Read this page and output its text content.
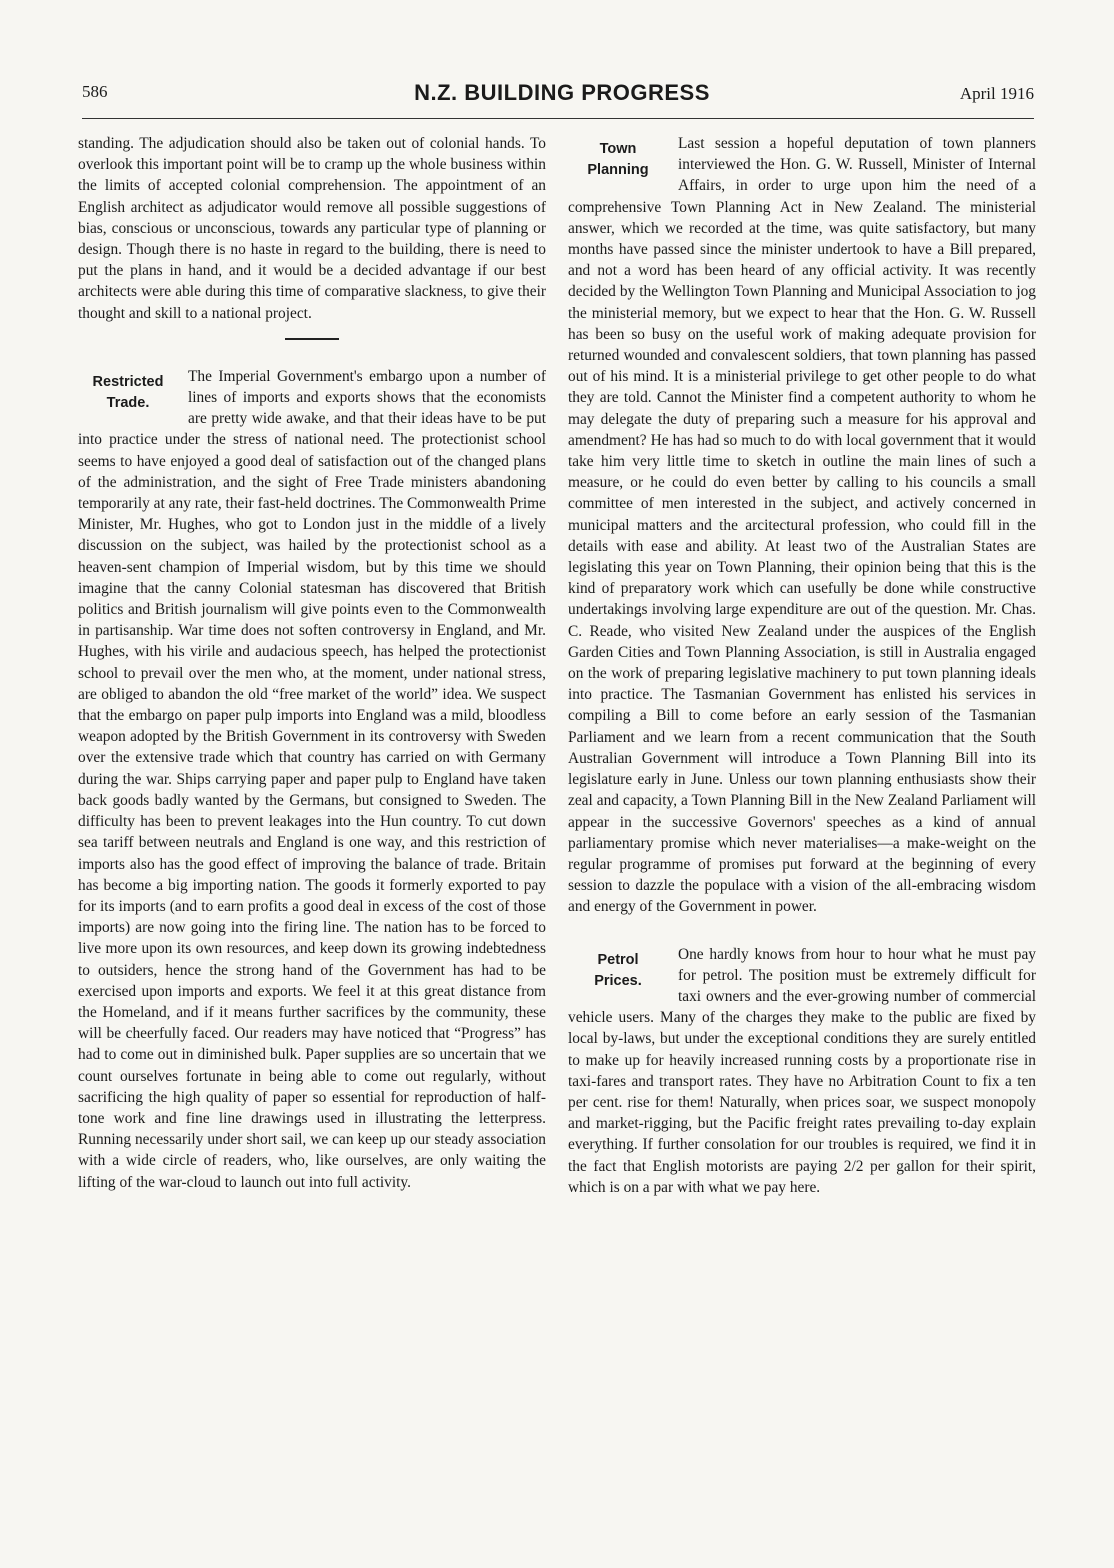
586	N.Z. BUILDING PROGRESS	April 1916

standing. The adjudication should also be taken out of colonial hands. To overlook this important point will be to cramp up the whole business within the limits of accepted colonial comprehension. The appointment of an English architect as adjudicator would remove all possible suggestions of bias, conscious or unconscious, towards any particular type of planning or design. Though there is no haste in regard to the building, there is need to put the plans in hand, and it would be a decided advantage if our best architects were able during this time of comparative slackness, to give their thought and skill to a national project.

Restricted
Trade.

The Imperial Government's embargo upon a number of lines of imports and exports shows that the economists are pretty wide awake, and that their ideas have to be put into practice under the stress of national need. The protectionist school seems to have enjoyed a good deal of satisfaction out of the changed plans of the administration, and the sight of Free Trade ministers abandoning temporarily at any rate, their fast-held doctrines. The Commonwealth Prime Minister, Mr. Hughes, who got to London just in the middle of a lively discussion on the subject, was hailed by the protectionist school as a heaven-sent champion of Imperial wisdom, but by this time we should imagine that the canny Colonial statesman has discovered that British politics and British journalism will give points even to the Commonwealth in partisanship. War time does not soften controversy in England, and Mr. Hughes, with his virile and audacious speech, has helped the protectionist school to prevail over the men who, at the moment, under national stress, are obliged to abandon the old “free market of the world” idea. We suspect that the embargo on paper pulp imports into England was a mild, bloodless weapon adopted by the British Government in its controversy with Sweden over the extensive trade which that country has carried on with Germany during the war. Ships carrying paper and paper pulp to England have taken back goods badly wanted by the Germans, but consigned to Sweden. The difficulty has been to prevent leakages into the Hun country. To cut down sea tariff between neutrals and England is one way, and this restriction of imports also has the good effect of improving the balance of trade. Britain has become a big importing nation. The goods it formerly exported to pay for its imports (and to earn profits a good deal in excess of the cost of those imports) are now going into the firing line. The nation has to be forced to live more upon its own resources, and keep down its growing indebtedness to outsiders, hence the strong hand of the Government has had to be exercised upon imports and exports. We feel it at this great distance from the Homeland, and if it means further sacrifices by the community, these will be cheerfully faced. Our readers may have noticed that “Progress” has had to come out in diminished bulk. Paper supplies are so uncertain that we count ourselves fortunate in being able to come out regularly, without sacrificing the high quality of paper so essential for reproduction of half-tone work and fine line drawings used in illustrating the letterpress. Running necessarily under short sail, we can keep up our steady association with a wide circle of readers, who, like ourselves, are only waiting the lifting of the war-cloud to launch out into full activity.

Town
Planning

Last session a hopeful deputation of town planners interviewed the Hon. G. W. Russell, Minister of Internal Affairs, in order to urge upon him the need of a comprehensive Town Planning Act in New Zealand. The ministerial answer, which we recorded at the time, was quite satisfactory, but many months have passed since the minister undertook to have a Bill prepared, and not a word has been heard of any official activity. It was recently decided by the Wellington Town Planning and Municipal Association to jog the ministerial memory, but we expect to hear that the Hon. G. W. Russell has been so busy on the useful work of making adequate provision for returned wounded and convalescent soldiers, that town planning has passed out of his mind. It is a ministerial privilege to get other people to do what they are told. Cannot the Minister find a competent authority to whom he may delegate the duty of preparing such a measure for his approval and amendment? He has had so much to do with local government that it would take him very little time to sketch in outline the main lines of such a measure, or he could do even better by calling to his councils a small committee of men interested in the subject, and actively concerned in municipal matters and the arcitectural profession, who could fill in the details with ease and ability. At least two of the Australian States are legislating this year on Town Planning, their opinion being that this is the kind of preparatory work which can usefully be done while constructive undertakings involving large expenditure are out of the question. Mr. Chas. C. Reade, who visited New Zealand under the auspices of the English Garden Cities and Town Planning Association, is still in Australia engaged on the work of preparing legislative machinery to put town planning ideals into practice. The Tasmanian Government has enlisted his services in compiling a Bill to come before an early session of the Tasmanian Parliament and we learn from a recent communication that the South Australian Government will introduce a Town Planning Bill into its legislature early in June. Unless our town planning enthusiasts show their zeal and capacity, a Town Planning Bill in the New Zealand Parliament will appear in the successive Governors' speeches as a kind of annual parliamentary promise which never materialises—a make-weight on the regular programme of promises put forward at the beginning of every session to dazzle the populace with a vision of the all-embracing wisdom and energy of the Government in power.

Petrol
Prices.

One hardly knows from hour to hour what he must pay for petrol. The position must be extremely difficult for taxi owners and the ever-growing number of commercial vehicle users. Many of the charges they make to the public are fixed by local by-laws, but under the exceptional conditions they are surely entitled to make up for heavily increased running costs by a proportionate rise in taxi-fares and transport rates. They have no Arbitration Count to fix a ten per cent. rise for them! Naturally, when prices soar, we suspect monopoly and market-rigging, but the Pacific freight rates prevailing to-day explain everything. If further consolation for our troubles is required, we find it in the fact that English motorists are paying 2/2 per gallon for their spirit, which is on a par with what we pay here.
